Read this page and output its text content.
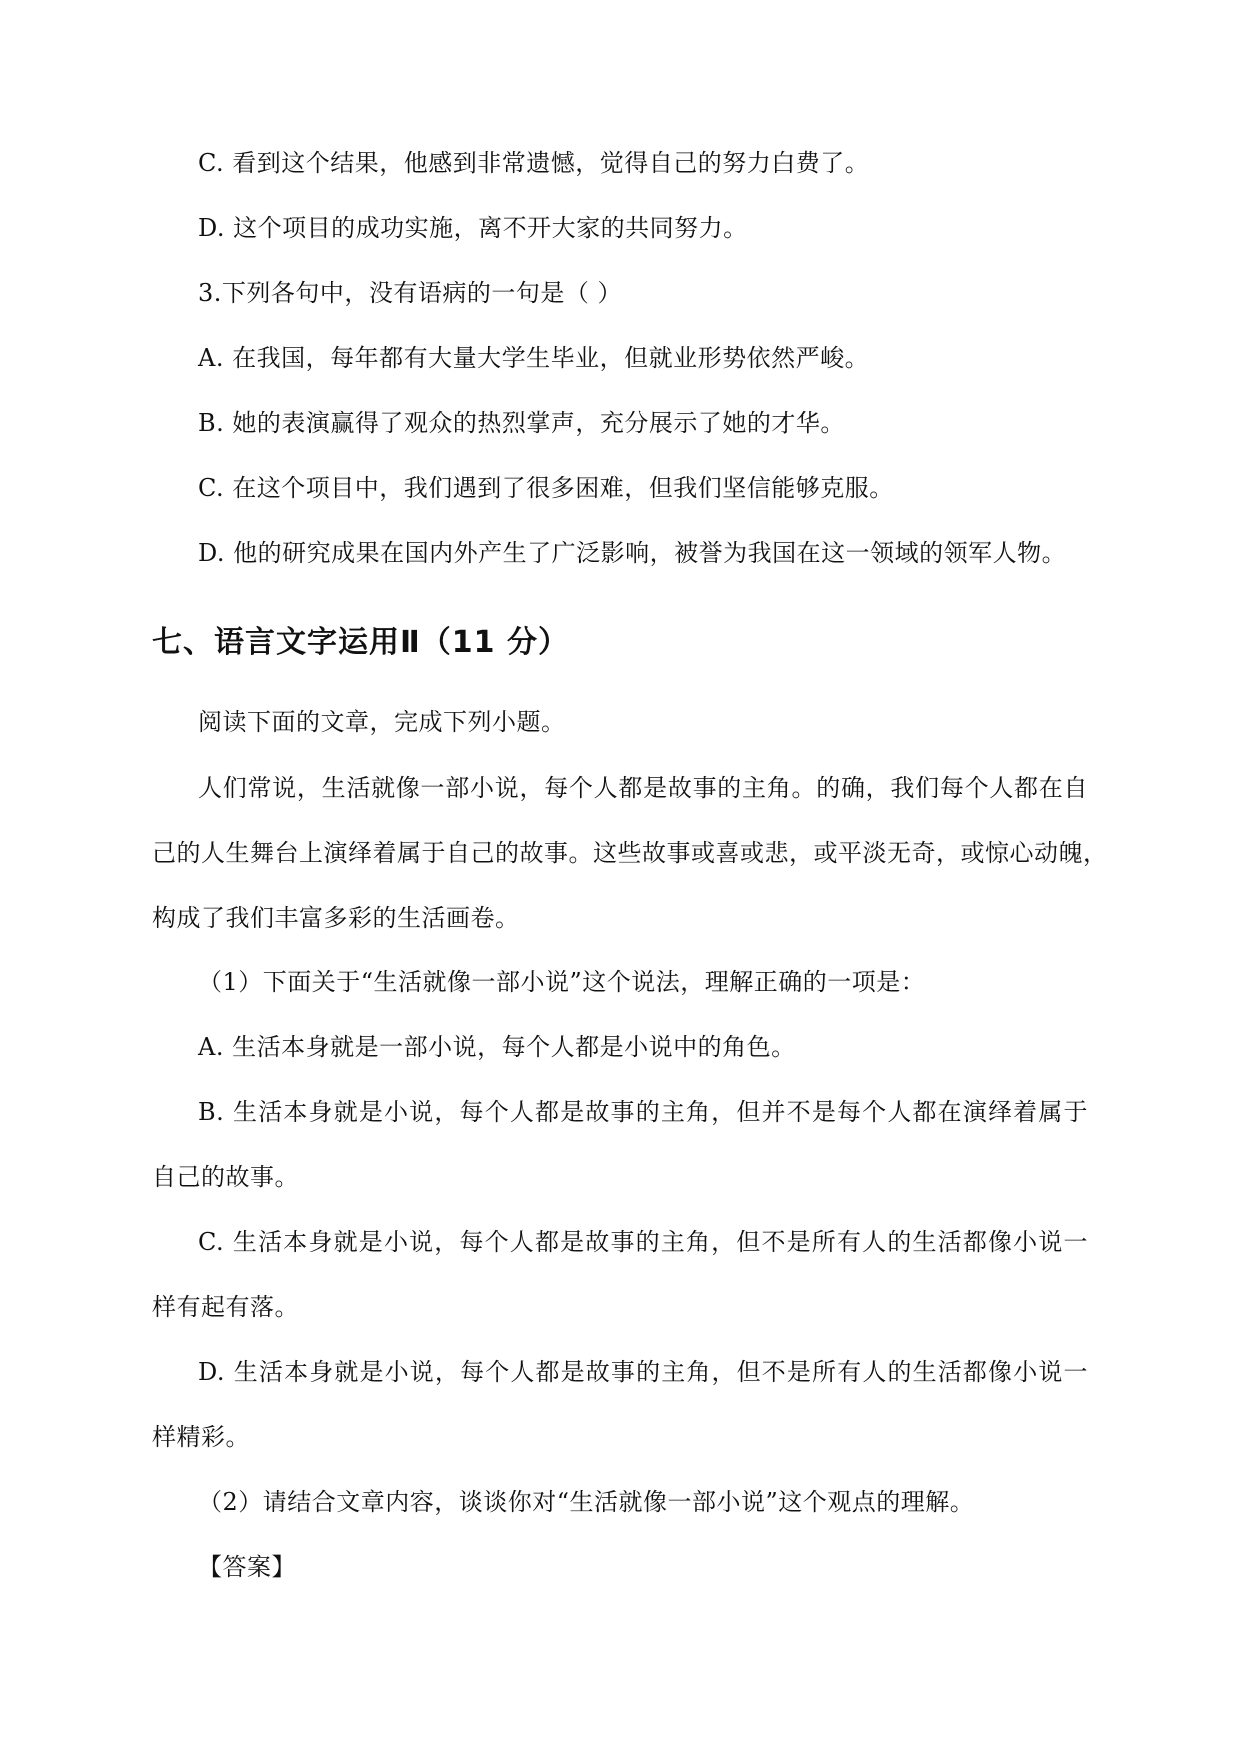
C. 看到这个结果，他感到非常遗憾，觉得自己的努力白费了。
D. 这个项目的成功实施，离不开大家的共同努力。
3.下列各句中，没有语病的一句是（ ）
A. 在我国，每年都有大量大学生毕业，但就业形势依然严峻。
B. 她的表演赢得了观众的热烈掌声，充分展示了她的才华。
C. 在这个项目中，我们遇到了很多困难，但我们坚信能够克服。
D. 他的研究成果在国内外产生了广泛影响，被誉为我国在这一领域的领军人物。
七、语言文字运用Ⅱ（11 分）
阅读下面的文章，完成下列小题。
人们常说，生活就像一部小说，每个人都是故事的主角。的确，我们每个人都在自
己的人生舞台上演绎着属于自己的故事。这些故事或喜或悲，或平淡无奇，或惊心动魄，
构成了我们丰富多彩的生活画卷。
（1）下面关于“生活就像一部小说”这个说法，理解正确的一项是：
A. 生活本身就是一部小说，每个人都是小说中的角色。
B. 生活本身就是小说，每个人都是故事的主角，但并不是每个人都在演绎着属于
自己的故事。
C. 生活本身就是小说，每个人都是故事的主角，但不是所有人的生活都像小说一
样有起有落。
D. 生活本身就是小说，每个人都是故事的主角，但不是所有人的生活都像小说一
样精彩。
（2）请结合文章内容，谈谈你对“生活就像一部小说”这个观点的理解。
【答案】
